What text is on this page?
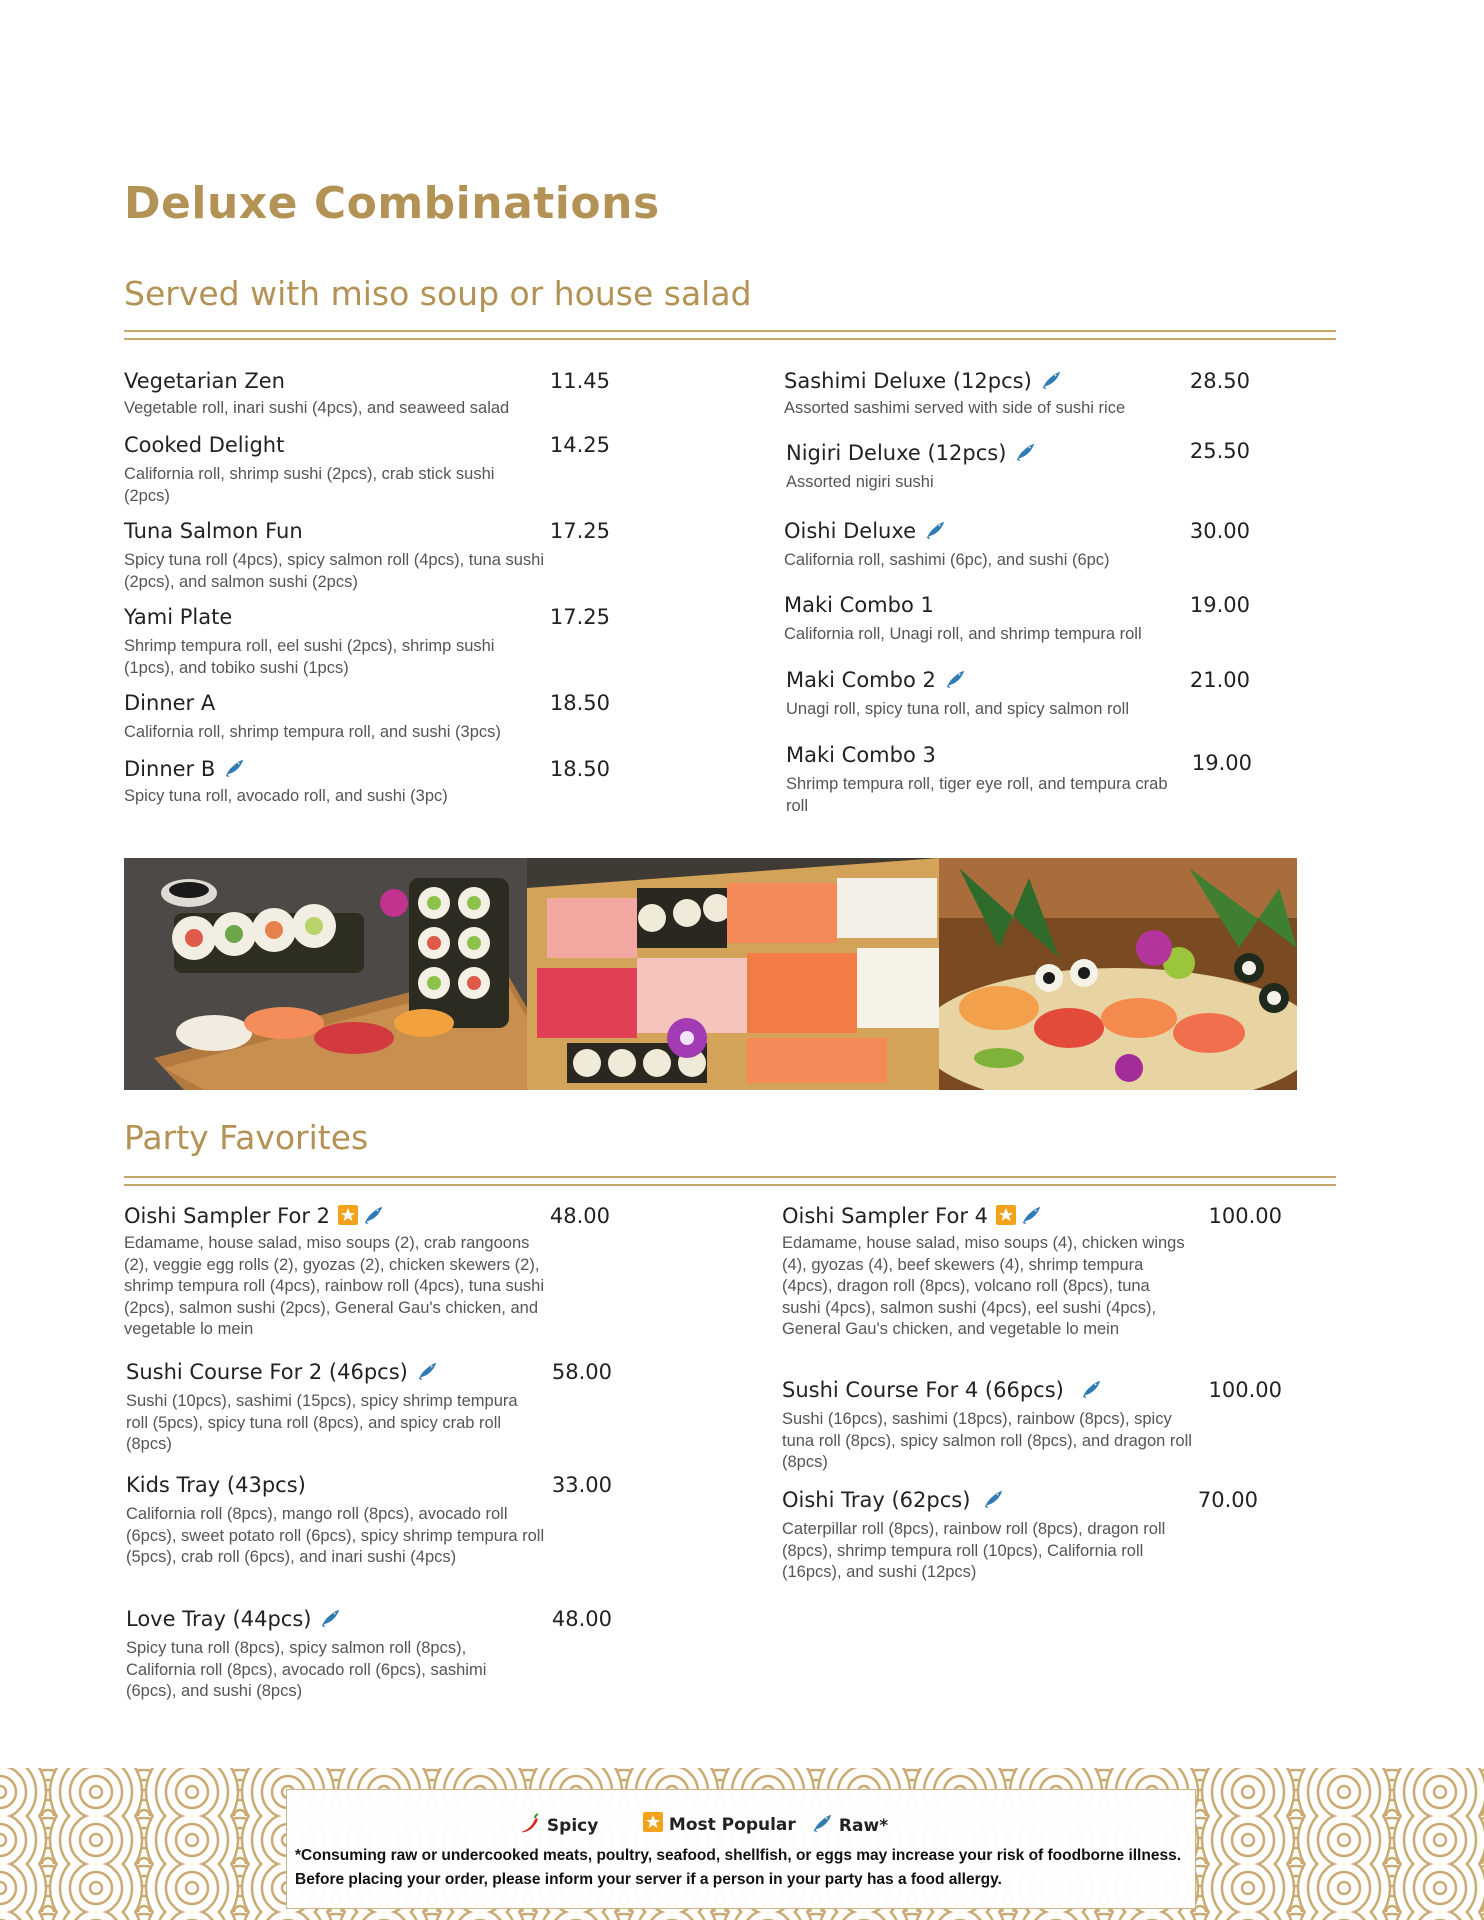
Deluxe Combinations
Served with miso soup or house salad
Vegetarian Zen	11.45
Vegetable roll, inari sushi (4pcs), and seaweed salad
Cooked Delight	14.25
California roll, shrimp sushi (2pcs), crab stick sushi (2pcs)
Tuna Salmon Fun	17.25
Spicy tuna roll (4pcs), spicy salmon roll (4pcs), tuna sushi (2pcs), and salmon sushi (2pcs)
Yami Plate	17.25
Shrimp tempura roll, eel sushi (2pcs), shrimp sushi (1pcs), and tobiko sushi (1pcs)
Dinner A	18.50
California roll, shrimp tempura roll, and sushi (3pcs)
Dinner B	18.50
Spicy tuna roll, avocado roll, and sushi (3pc)
Sashimi Deluxe (12pcs)	28.50
Assorted sashimi served with side of sushi rice
Nigiri Deluxe (12pcs)	25.50
Assorted nigiri sushi
Oishi Deluxe	30.00
California roll, sashimi (6pc), and sushi (6pc)
Maki Combo 1	19.00
California roll, Unagi roll, and shrimp tempura roll
Maki Combo 2	21.00
Unagi roll, spicy tuna roll, and spicy salmon roll
Maki Combo 3	19.00
Shrimp tempura roll, tiger eye roll, and tempura crab roll
Party Favorites
Oishi Sampler For 2	48.00
Edamame, house salad, miso soups (2), crab rangoons (2), veggie egg rolls (2), gyozas (2), chicken skewers (2), shrimp tempura roll (4pcs), rainbow roll (4pcs), tuna sushi (2pcs), salmon sushi (2pcs), General Gau's chicken, and vegetable lo mein
Sushi Course For 2 (46pcs)	58.00
Sushi (10pcs), sashimi (15pcs), spicy shrimp tempura roll (5pcs), spicy tuna roll (8pcs), and spicy crab roll (8pcs)
Kids Tray (43pcs)	33.00
California roll (8pcs), mango roll (8pcs), avocado roll (6pcs), sweet potato roll (6pcs), spicy shrimp tempura roll (5pcs), crab roll (6pcs), and inari sushi (4pcs)
Love Tray (44pcs)	48.00
Spicy tuna roll (8pcs), spicy salmon roll (8pcs), California roll (8pcs), avocado roll (6pcs), sashimi (6pcs), and sushi (8pcs)
Oishi Sampler For 4	100.00
Edamame, house salad, miso soups (4), chicken wings (4), gyozas (4), beef skewers (4), shrimp tempura (4pcs), dragon roll (8pcs), volcano roll (8pcs), tuna sushi (4pcs), salmon sushi (4pcs), eel sushi (4pcs), General Gau's chicken, and vegetable lo mein
Sushi Course For 4 (66pcs)	100.00
Sushi (16pcs), sashimi (18pcs), rainbow (8pcs), spicy tuna roll (8pcs), spicy salmon roll (8pcs), and dragon roll (8pcs)
Oishi Tray (62pcs)	70.00
Caterpillar roll (8pcs), rainbow roll (8pcs), dragon roll (8pcs), shrimp tempura roll (10pcs), California roll (16pcs), and sushi (12pcs)
Spicy	Most Popular	Raw*
*Consuming raw or undercooked meats, poultry, seafood, shellfish, or eggs may increase your risk of foodborne illness. Before placing your order, please inform your server if a person in your party has a food allergy.
